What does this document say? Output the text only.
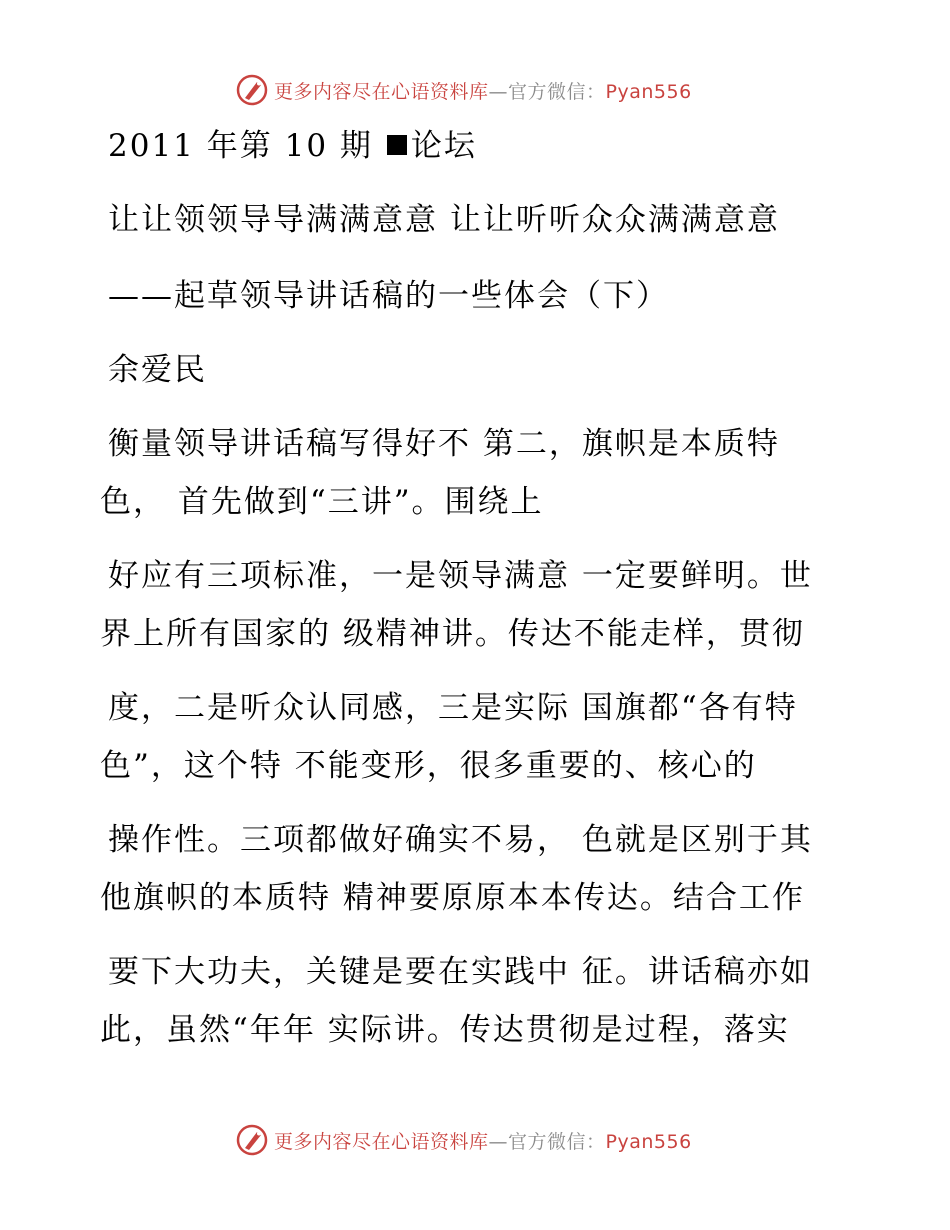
更多内容尽在心语资料库—官方微信：Pyan556
2011 年第 10 期 论坛
让让领领导导满满意意 让让听听众众满满意意
——起草领导讲话稿的一些体会（下）
余爱民
衡量领导讲话稿写得好不 第二，旗帜是本质特
色， 首先做到“三讲”。围绕上
好应有三项标准，一是领导满意 一定要鲜明。世
界上所有国家的 级精神讲。传达不能走样，贯彻
度，二是听众认同感，三是实际 国旗都“各有特
色”，这个特 不能变形，很多重要的、核心的
操作性。三项都做好确实不易， 色就是区别于其
他旗帜的本质特 精神要原原本本传达。结合工作
要下大功夫，关键是要在实践中 征。讲话稿亦如
此，虽然“年年 实际讲。传达贯彻是过程，落实
更多内容尽在心语资料库—官方微信：Pyan556
